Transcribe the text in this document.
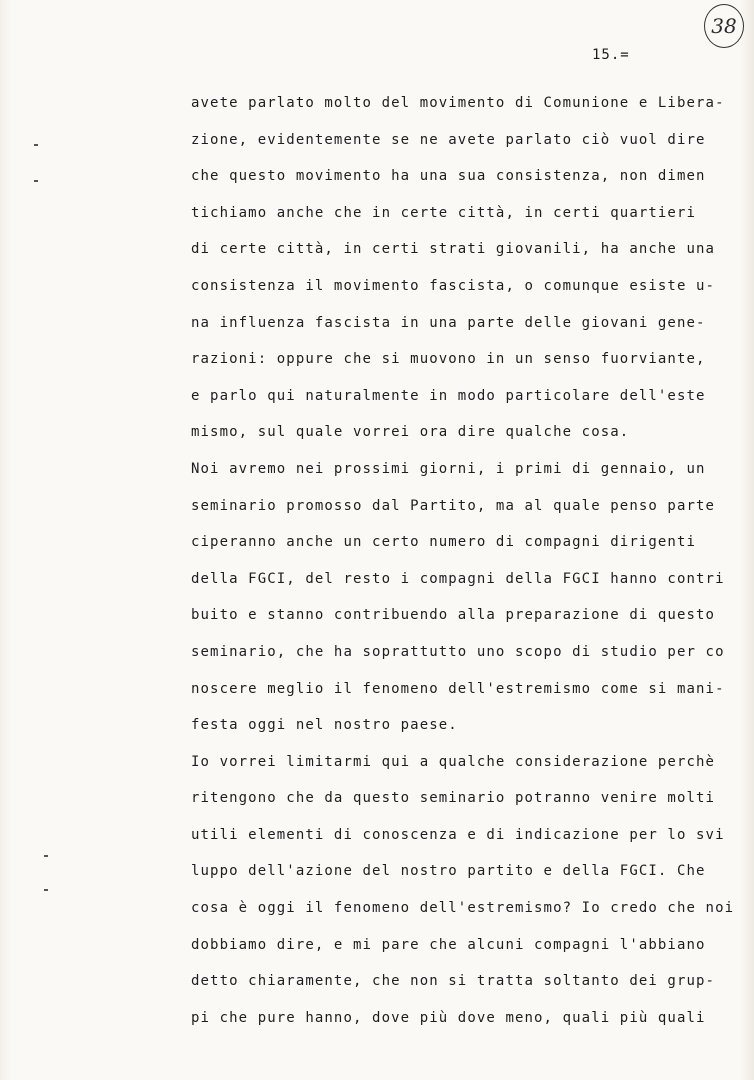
38
15.=
avete parlato molto del movimento di Comunione e Libera-
zione, evidentemente se ne avete parlato ciò vuol dire
che questo movimento ha una sua consistenza, non dimen
tichiamo anche che in certe città, in certi quartieri
di certe città, in certi strati giovanili, ha anche una
consistenza il movimento fascista, o comunque esiste u-
na influenza fascista in una parte delle giovani gene-
razioni: oppure che si muovono in un senso fuorviante,
e parlo qui naturalmente in modo particolare dell'este
mismo, sul quale vorrei ora dire qualche cosa.
Noi avremo nei prossimi giorni, i primi di gennaio, un
seminario promosso dal Partito, ma al quale penso parte
ciperanno anche un certo numero di compagni dirigenti
della FGCI, del resto i compagni della FGCI hanno contri
buito e stanno contribuendo alla preparazione di questo
seminario, che ha soprattutto uno scopo di studio per co
noscere meglio il fenomeno dell'estremismo come si mani-
festa oggi nel nostro paese.
Io vorrei limitarmi qui a qualche considerazione perchè
ritengono che da questo seminario potranno venire molti
utili elementi di conoscenza e di indicazione per lo svi
luppo dell'azione del nostro partito e della FGCI. Che
cosa è oggi il fenomeno dell'estremismo? Io credo che noi
dobbiamo dire, e mi pare che alcuni compagni l'abbiano
detto chiaramente, che non si tratta soltanto dei grup-
pi che pure hanno, dove più dove meno, quali più quali
